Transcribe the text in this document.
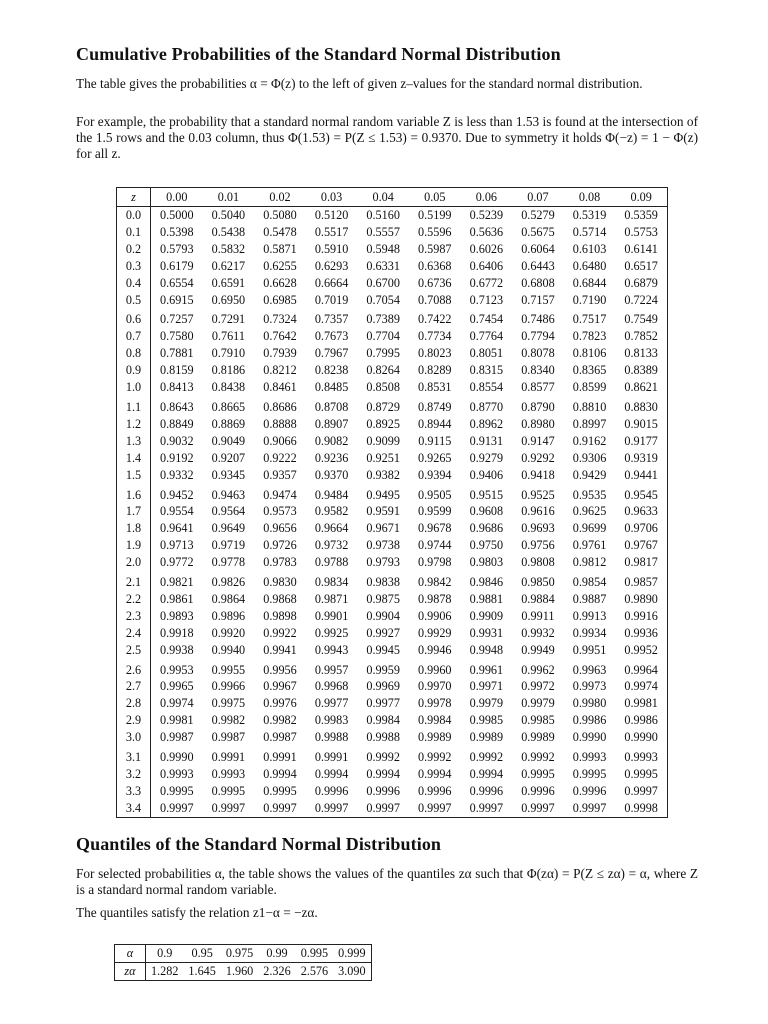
Cumulative Probabilities of the Standard Normal Distribution

The table gives the probabilities α = Φ(z) to the left of given z–values for the standard normal distribution.

For example, the probability that a standard normal random variable Z is less than 1.53 is found at the intersection of the 1.5 rows and the 0.03 column, thus Φ(1.53) = P(Z ≤ 1.53) = 0.9370. Due to symmetry it holds Φ(−z) = 1 − Φ(z) for all z.

z	0.00	0.01	0.02	0.03	0.04	0.05	0.06	0.07	0.08	0.09
0.0	0.5000	0.5040	0.5080	0.5120	0.5160	0.5199	0.5239	0.5279	0.5319	0.5359
0.1	0.5398	0.5438	0.5478	0.5517	0.5557	0.5596	0.5636	0.5675	0.5714	0.5753
0.2	0.5793	0.5832	0.5871	0.5910	0.5948	0.5987	0.6026	0.6064	0.6103	0.6141
0.3	0.6179	0.6217	0.6255	0.6293	0.6331	0.6368	0.6406	0.6443	0.6480	0.6517
0.4	0.6554	0.6591	0.6628	0.6664	0.6700	0.6736	0.6772	0.6808	0.6844	0.6879
0.5	0.6915	0.6950	0.6985	0.7019	0.7054	0.7088	0.7123	0.7157	0.7190	0.7224
0.6	0.7257	0.7291	0.7324	0.7357	0.7389	0.7422	0.7454	0.7486	0.7517	0.7549
0.7	0.7580	0.7611	0.7642	0.7673	0.7704	0.7734	0.7764	0.7794	0.7823	0.7852
0.8	0.7881	0.7910	0.7939	0.7967	0.7995	0.8023	0.8051	0.8078	0.8106	0.8133
0.9	0.8159	0.8186	0.8212	0.8238	0.8264	0.8289	0.8315	0.8340	0.8365	0.8389
1.0	0.8413	0.8438	0.8461	0.8485	0.8508	0.8531	0.8554	0.8577	0.8599	0.8621
1.1	0.8643	0.8665	0.8686	0.8708	0.8729	0.8749	0.8770	0.8790	0.8810	0.8830
1.2	0.8849	0.8869	0.8888	0.8907	0.8925	0.8944	0.8962	0.8980	0.8997	0.9015
1.3	0.9032	0.9049	0.9066	0.9082	0.9099	0.9115	0.9131	0.9147	0.9162	0.9177
1.4	0.9192	0.9207	0.9222	0.9236	0.9251	0.9265	0.9279	0.9292	0.9306	0.9319
1.5	0.9332	0.9345	0.9357	0.9370	0.9382	0.9394	0.9406	0.9418	0.9429	0.9441
1.6	0.9452	0.9463	0.9474	0.9484	0.9495	0.9505	0.9515	0.9525	0.9535	0.9545
1.7	0.9554	0.9564	0.9573	0.9582	0.9591	0.9599	0.9608	0.9616	0.9625	0.9633
1.8	0.9641	0.9649	0.9656	0.9664	0.9671	0.9678	0.9686	0.9693	0.9699	0.9706
1.9	0.9713	0.9719	0.9726	0.9732	0.9738	0.9744	0.9750	0.9756	0.9761	0.9767
2.0	0.9772	0.9778	0.9783	0.9788	0.9793	0.9798	0.9803	0.9808	0.9812	0.9817
2.1	0.9821	0.9826	0.9830	0.9834	0.9838	0.9842	0.9846	0.9850	0.9854	0.9857
2.2	0.9861	0.9864	0.9868	0.9871	0.9875	0.9878	0.9881	0.9884	0.9887	0.9890
2.3	0.9893	0.9896	0.9898	0.9901	0.9904	0.9906	0.9909	0.9911	0.9913	0.9916
2.4	0.9918	0.9920	0.9922	0.9925	0.9927	0.9929	0.9931	0.9932	0.9934	0.9936
2.5	0.9938	0.9940	0.9941	0.9943	0.9945	0.9946	0.9948	0.9949	0.9951	0.9952
2.6	0.9953	0.9955	0.9956	0.9957	0.9959	0.9960	0.9961	0.9962	0.9963	0.9964
2.7	0.9965	0.9966	0.9967	0.9968	0.9969	0.9970	0.9971	0.9972	0.9973	0.9974
2.8	0.9974	0.9975	0.9976	0.9977	0.9977	0.9978	0.9979	0.9979	0.9980	0.9981
2.9	0.9981	0.9982	0.9982	0.9983	0.9984	0.9984	0.9985	0.9985	0.9986	0.9986
3.0	0.9987	0.9987	0.9987	0.9988	0.9988	0.9989	0.9989	0.9989	0.9990	0.9990
3.1	0.9990	0.9991	0.9991	0.9991	0.9992	0.9992	0.9992	0.9992	0.9993	0.9993
3.2	0.9993	0.9993	0.9994	0.9994	0.9994	0.9994	0.9994	0.9995	0.9995	0.9995
3.3	0.9995	0.9995	0.9995	0.9996	0.9996	0.9996	0.9996	0.9996	0.9996	0.9997
3.4	0.9997	0.9997	0.9997	0.9997	0.9997	0.9997	0.9997	0.9997	0.9997	0.9998
Quantiles of the Standard Normal Distribution

For selected probabilities α, the table shows the values of the quantiles zα such that Φ(zα) = P(Z ≤ zα) = α, where Z is a standard normal random variable.

The quantiles satisfy the relation z1−α = −zα.

α	0.9	0.95	0.975	0.99	0.995	0.999
zα	1.282	1.645	1.960	2.326	2.576	3.090
